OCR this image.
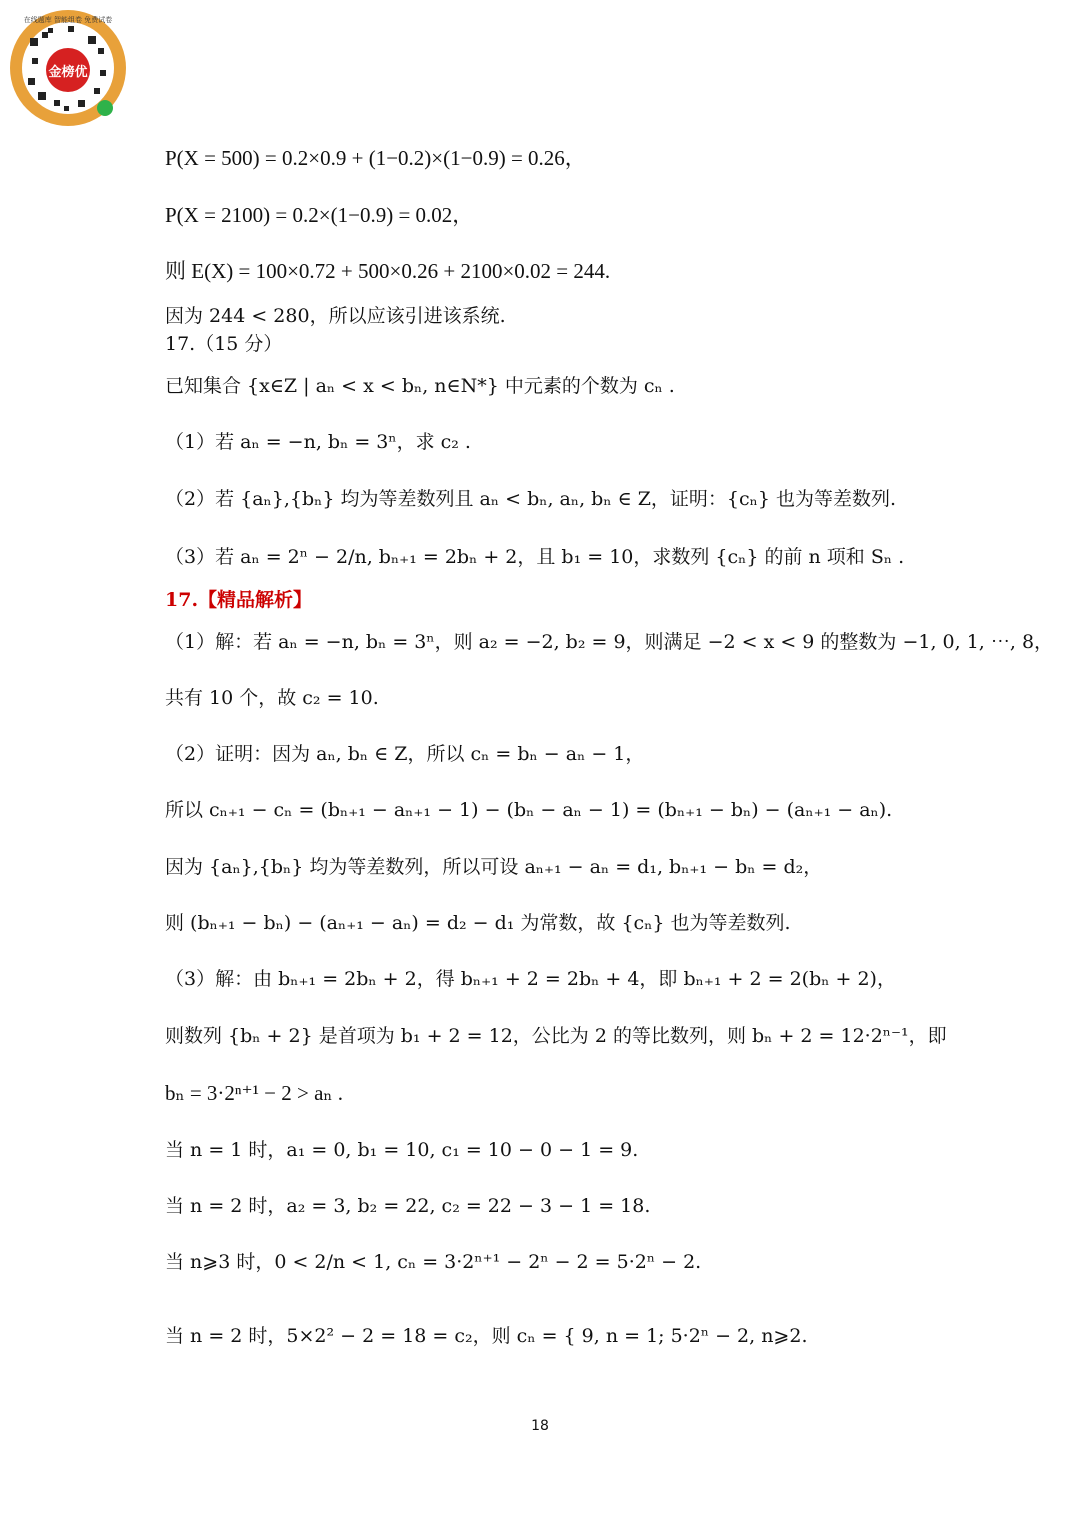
金榜优
在线题库 智能组卷 免费试卷
P(X = 500) = 0.2×0.9 + (1−0.2)×(1−0.9) = 0.26，
P(X = 2100) = 0.2×(1−0.9) = 0.02，
则 E(X) = 100×0.72 + 500×0.26 + 2100×0.02 = 244.
因为 244 < 280，所以应该引进该系统.
17.（15 分）
已知集合 {x∈Z | aₙ < x < bₙ, n∈N*} 中元素的个数为 cₙ .
（1）若 aₙ = −n, bₙ = 3ⁿ，求 c₂ .
（2）若 {aₙ},{bₙ} 均为等差数列且 aₙ < bₙ, aₙ, bₙ ∈ Z，证明：{cₙ} 也为等差数列.
（3）若 aₙ = 2ⁿ − 2/n, bₙ₊₁ = 2bₙ + 2，且 b₁ = 10，求数列 {cₙ} 的前 n 项和 Sₙ .
17.【精品解析】
（1）解：若 aₙ = −n, bₙ = 3ⁿ，则 a₂ = −2, b₂ = 9，则满足 −2 < x < 9 的整数为 −1, 0, 1, ⋯, 8，
共有 10 个，故 c₂ = 10.
（2）证明：因为 aₙ, bₙ ∈ Z，所以 cₙ = bₙ − aₙ − 1，
所以 cₙ₊₁ − cₙ = (bₙ₊₁ − aₙ₊₁ − 1) − (bₙ − aₙ − 1) = (bₙ₊₁ − bₙ) − (aₙ₊₁ − aₙ).
因为 {aₙ},{bₙ} 均为等差数列，所以可设 aₙ₊₁ − aₙ = d₁, bₙ₊₁ − bₙ = d₂，
则 (bₙ₊₁ − bₙ) − (aₙ₊₁ − aₙ) = d₂ − d₁ 为常数，故 {cₙ} 也为等差数列.
（3）解：由 bₙ₊₁ = 2bₙ + 2，得 bₙ₊₁ + 2 = 2bₙ + 4，即 bₙ₊₁ + 2 = 2(bₙ + 2)，
则数列 {bₙ + 2} 是首项为 b₁ + 2 = 12，公比为 2 的等比数列，则 bₙ + 2 = 12·2ⁿ⁻¹，即
bₙ = 3·2ⁿ⁺¹ − 2 > aₙ .
当 n = 1 时，a₁ = 0, b₁ = 10, c₁ = 10 − 0 − 1 = 9.
当 n = 2 时，a₂ = 3, b₂ = 22, c₂ = 22 − 3 − 1 = 18.
当 n⩾3 时，0 < 2/n < 1, cₙ = 3·2ⁿ⁺¹ − 2ⁿ − 2 = 5·2ⁿ − 2.
当 n = 2 时，5×2² − 2 = 18 = c₂，则 cₙ = { 9, n = 1; 5·2ⁿ − 2, n⩾2.
18
